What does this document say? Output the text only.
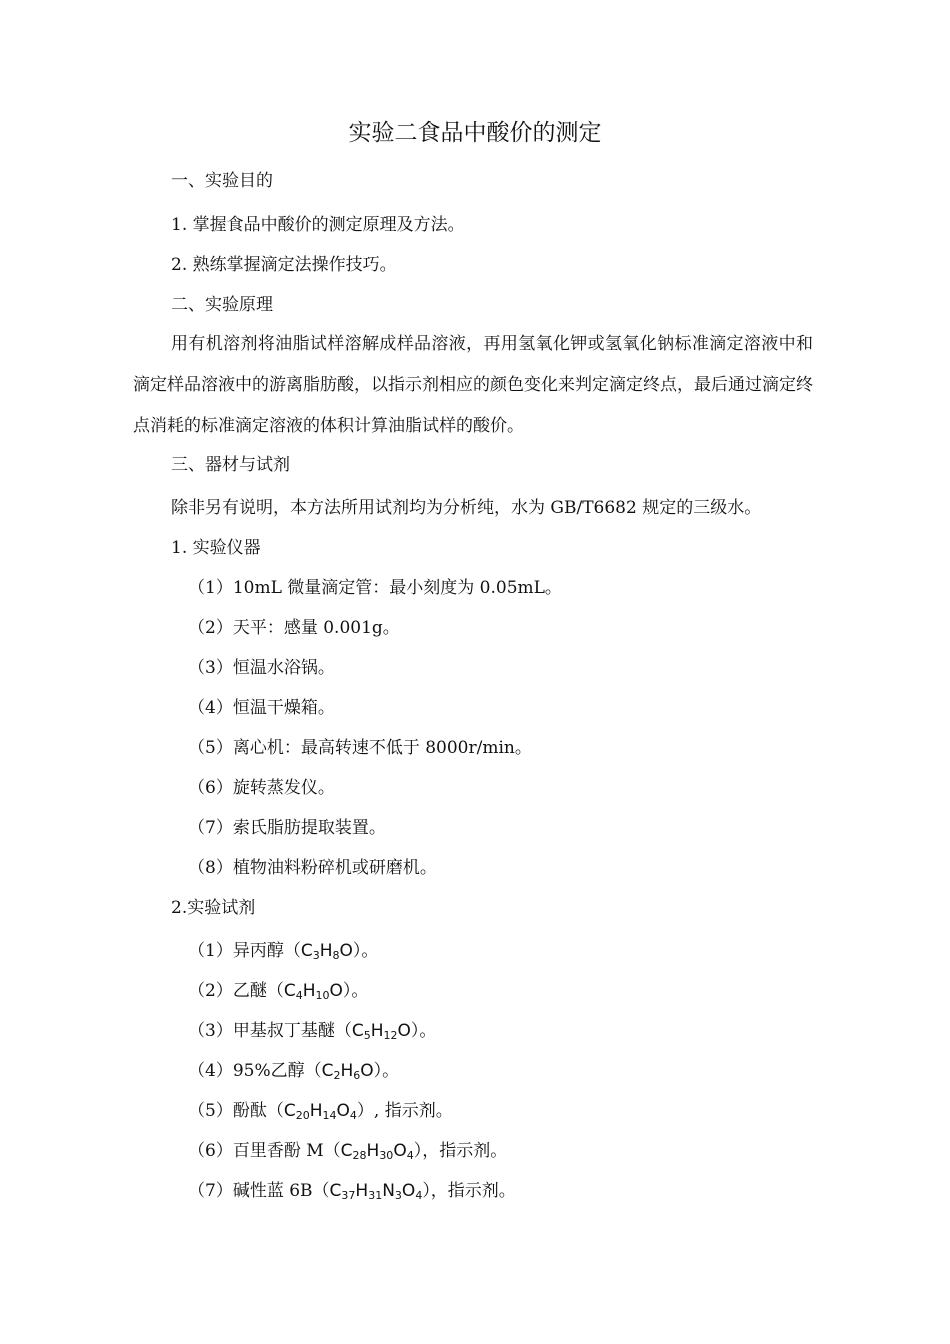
实验二食品中酸价的测定
一、实验目的
1. 掌握食品中酸价的测定原理及方法。
2. 熟练掌握滴定法操作技巧。
二、实验原理
用有机溶剂将油脂试样溶解成样品溶液，再用氢氧化钾或氢氧化钠标准滴定溶液中和滴定样品溶液中的游离脂肪酸，以指示剂相应的颜色变化来判定滴定终点，最后通过滴定终点消耗的标准滴定溶液的体积计算油脂试样的酸价。
三、器材与试剂
除非另有说明，本方法所用试剂均为分析纯，水为 GB/T6682 规定的三级水。
1. 实验仪器
（1）10mL 微量滴定管：最小刻度为 0.05mL。
（2）天平：感量 0.001g。
（3）恒温水浴锅。
（4）恒温干燥箱。
（5）离心机：最高转速不低于 8000r/min。
（6）旋转蒸发仪。
（7）索氏脂肪提取装置。
（8）植物油料粉碎机或研磨机。
2.实验试剂
（1）异丙醇$(C_3H_8O)$。
（2）乙醚$(C_4H_{10}O)$。
（3）甲基叔丁基醚$(C_5H_{12}O)$。
（4）95%乙醇$(C_2H_6O)$。
（5）酚酞$(C_{20}H_{14}O_4)$, 指示剂。
（6）百里香酚 $M(C_{28}H_{30}O_4)$，指示剂。
（7）碱性蓝 $6B(C_{37}H_{31}N_3O_4)$，指示剂。
